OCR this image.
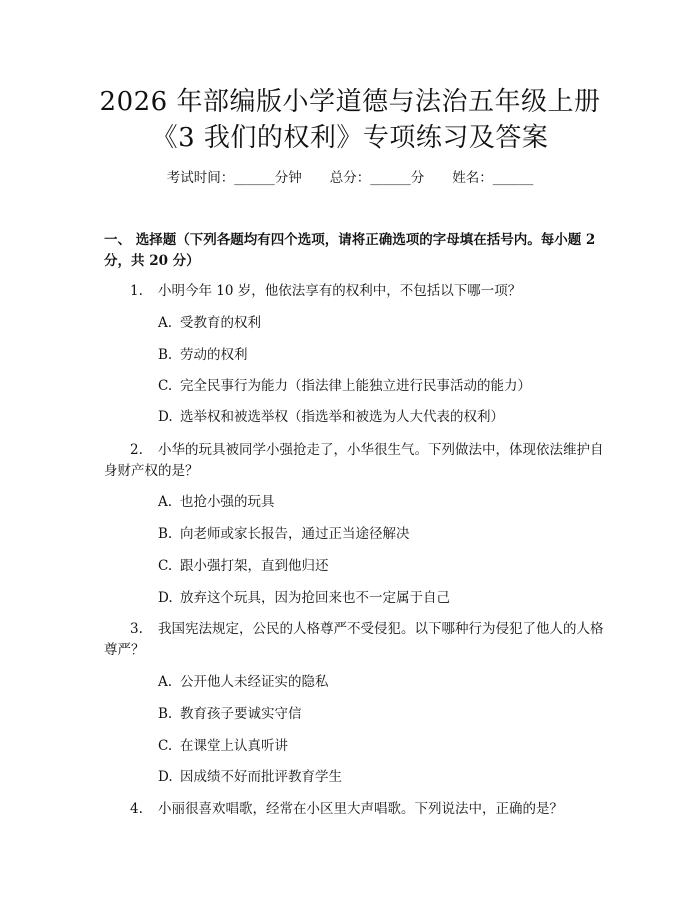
2026 年部编版小学道德与法治五年级上册
《3 我们的权利》专项练习及答案
考试时间：______分钟 总分：______分 姓名：______
一、 选择题（下列各题均有四个选项，请将正确选项的字母填在括号内。每小题 2 分，共 20 分）
1. 小明今年 10 岁，他依法享有的权利中，不包括以下哪一项？
A. 受教育的权利
B. 劳动的权利
C. 完全民事行为能力（指法律上能独立进行民事活动的能力）
D. 选举权和被选举权（指选举和被选为人大代表的权利）
2. 小华的玩具被同学小强抢走了，小华很生气。下列做法中，体现依法维护自身财产权的是？
A. 也抢小强的玩具
B. 向老师或家长报告，通过正当途径解决
C. 跟小强打架，直到他归还
D. 放弃这个玩具，因为抢回来也不一定属于自己
3. 我国宪法规定，公民的人格尊严不受侵犯。以下哪种行为侵犯了他人的人格尊严？
A. 公开他人未经证实的隐私
B. 教育孩子要诚实守信
C. 在课堂上认真听讲
D. 因成绩不好而批评教育学生
4. 小丽很喜欢唱歌，经常在小区里大声唱歌。下列说法中，正确的是？
